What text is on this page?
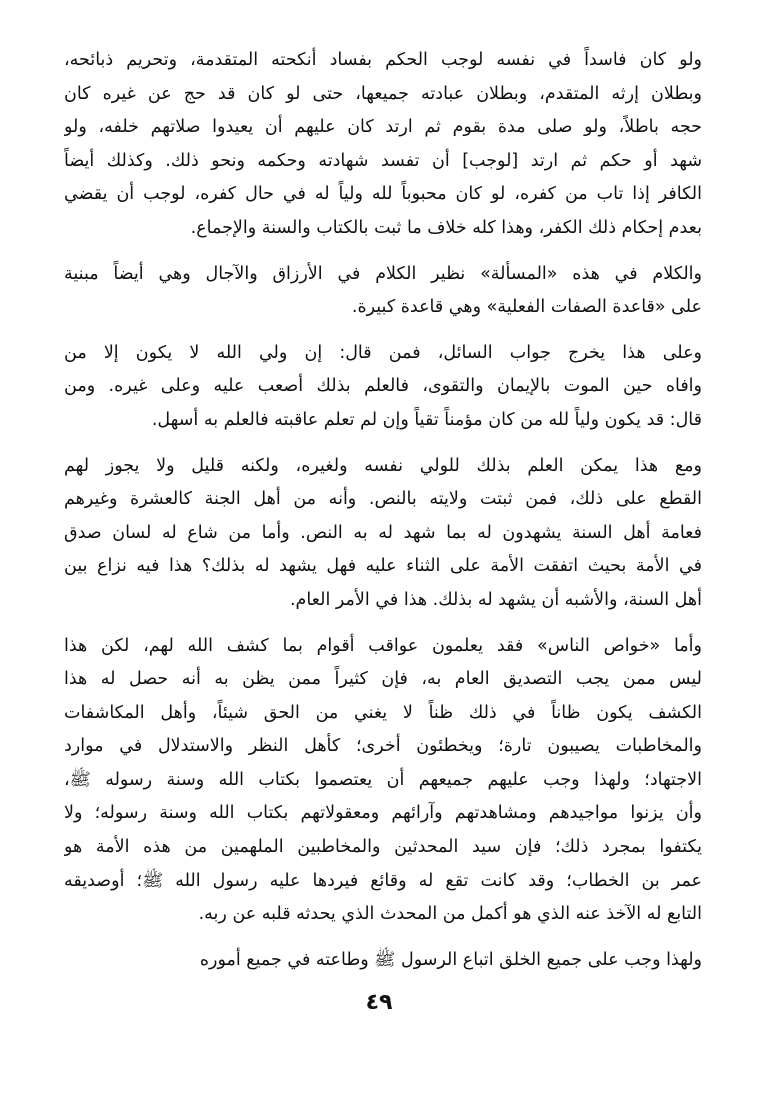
ولو كان فاسداً في نفسه لوجب الحكم بفساد أنكحته المتقدمة، وتحريم ذبائحه،
وبطلان إرثه المتقدم، وبطلان عبادته جميعها، حتى لو كان قد حج عن غيره كان
حجه باطلاً، ولو صلى مدة بقوم ثم ارتد كان عليهم أن يعيدوا صلاتهم خلفه، ولو
شهد أو حكم ثم ارتد [لوجب] أن تفسد شهادته وحكمه ونحو ذلك. وكذلك أيضاً
الكافر إذا تاب من كفره، لو كان محبوباً لله ولياً له في حال كفره، لوجب أن يقضي
بعدم إحكام ذلك الكفر، وهذا كله خلاف ما ثبت بالكتاب والسنة والإجماع.
والكلام في هذه «المسألة» نظير الكلام في الأرزاق والآجال وهي أيضاً مبنية
على «قاعدة الصفات الفعلية» وهي قاعدة كبيرة.
وعلى هذا يخرج جواب السائل، فمن قال: إن ولي الله لا يكون إلا من
وافاه حين الموت بالإيمان والتقوى، فالعلم بذلك أصعب عليه وعلى غيره. ومن
قال: قد يكون ولياً لله من كان مؤمناً تقياً وإن لم تعلم عاقبته فالعلم به أسهل.
ومع هذا يمكن العلم بذلك للولي نفسه ولغيره، ولكنه قليل ولا يجوز لهم
القطع على ذلك، فمن ثبتت ولايته بالنص. وأنه من أهل الجنة كالعشرة وغيرهم
فعامة أهل السنة يشهدون له بما شهد له به النص. وأما من شاع له لسان صدق
في الأمة بحيث اتفقت الأمة على الثناء عليه فهل يشهد له بذلك؟ هذا فيه نزاع بين
أهل السنة، والأشبه أن يشهد له بذلك. هذا في الأمر العام.
وأما «خواص الناس» فقد يعلمون عواقب أقوام بما كشف الله لهم، لكن هذا
ليس ممن يجب التصديق العام به، فإن كثيراً ممن يظن به أنه حصل له هذا
الكشف يكون ظاناً في ذلك ظناً لا يغني من الحق شيئاً، وأهل المكاشفات
والمخاطبات يصيبون تارة؛ ويخطئون أخرى؛ كأهل النظر والاستدلال في موارد
الاجتهاد؛ ولهذا وجب عليهم جميعهم أن يعتصموا بكتاب الله وسنة رسوله ﷺ،
وأن يزنوا مواجيدهم ومشاهدتهم وآرائهم ومعقولاتهم بكتاب الله وسنة رسوله؛ ولا
يكتفوا بمجرد ذلك؛ فإن سيد المحدثين والمخاطبين الملهمين من هذه الأمة هو
عمر بن الخطاب؛ وقد كانت تقع له وقائع فيردها عليه رسول الله ﷺ؛ أوصديقه
التابع له الآخذ عنه الذي هو أكمل من المحدث الذي يحدثه قلبه عن ربه.
ولهذا وجب على جميع الخلق اتباع الرسول ﷺ وطاعته في جميع أموره
٤٩
